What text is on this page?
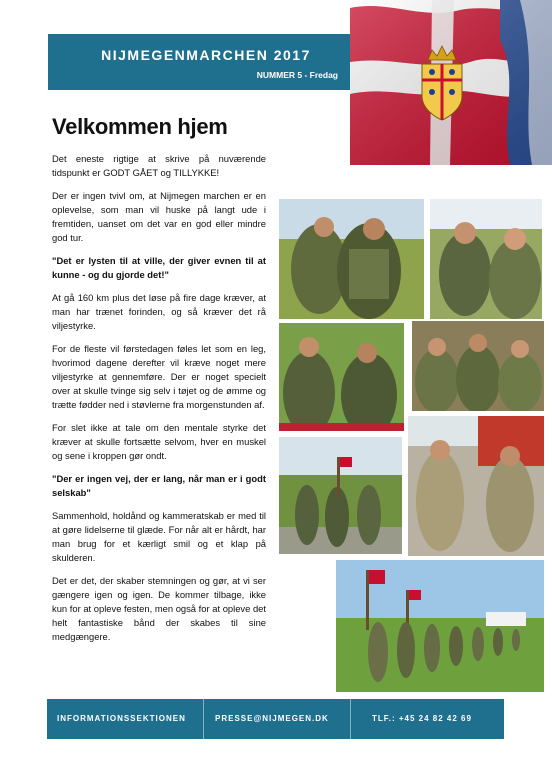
NIJMEGENMARCHEN 2017
NUMMER 5 - Fredag
Velkommen hjem

Det eneste rigtige at skrive på nuværende tidspunkt er GODT GÅET og TILLYKKE!

Der er ingen tvivl om, at Nijmegen marchen er en oplevelse, som man vil huske på langt ude i fremtiden, uanset om det var en god eller mindre god tur.

"Det er lysten til at ville, der giver evnen til at kunne - og du gjorde det!"

At gå 160 km plus det løse på fire dage kræver, at man har trænet forinden, og så kræver det rå viljestyrke.

For de fleste vil førstedagen føles let som en leg, hvorimod dagene derefter vil kræve noget mere viljestyrke at gennemføre. Der er noget specielt over at skulle tvinge sig selv i tøjet og de ømme og trætte fødder ned i støvlerne fra morgenstunden af.

For slet ikke at tale om den mentale styrke det kræver at skulle fortsætte selvom, hver en muskel og sene i kroppen gør ondt.

"Der er ingen vej, der er lang, når man er i godt selskab"

Sammenhold, holdånd og kammeratskab er med til at gøre lidelserne til glæde. For når alt er hårdt, har man brug for et kærligt smil og et klap på skulderen.

Det er det, der skaber stemningen og gør, at vi ser gængere igen og igen. De kommer tilbage, ikke kun for at opleve festen, men også for at opleve det helt fantastiske bånd der skabes til sine medgængere.

INFORMATIONSSEKTIONEN	PRESSE@NIJMEGEN.DK	TLF.: +45 24 82 42 69
